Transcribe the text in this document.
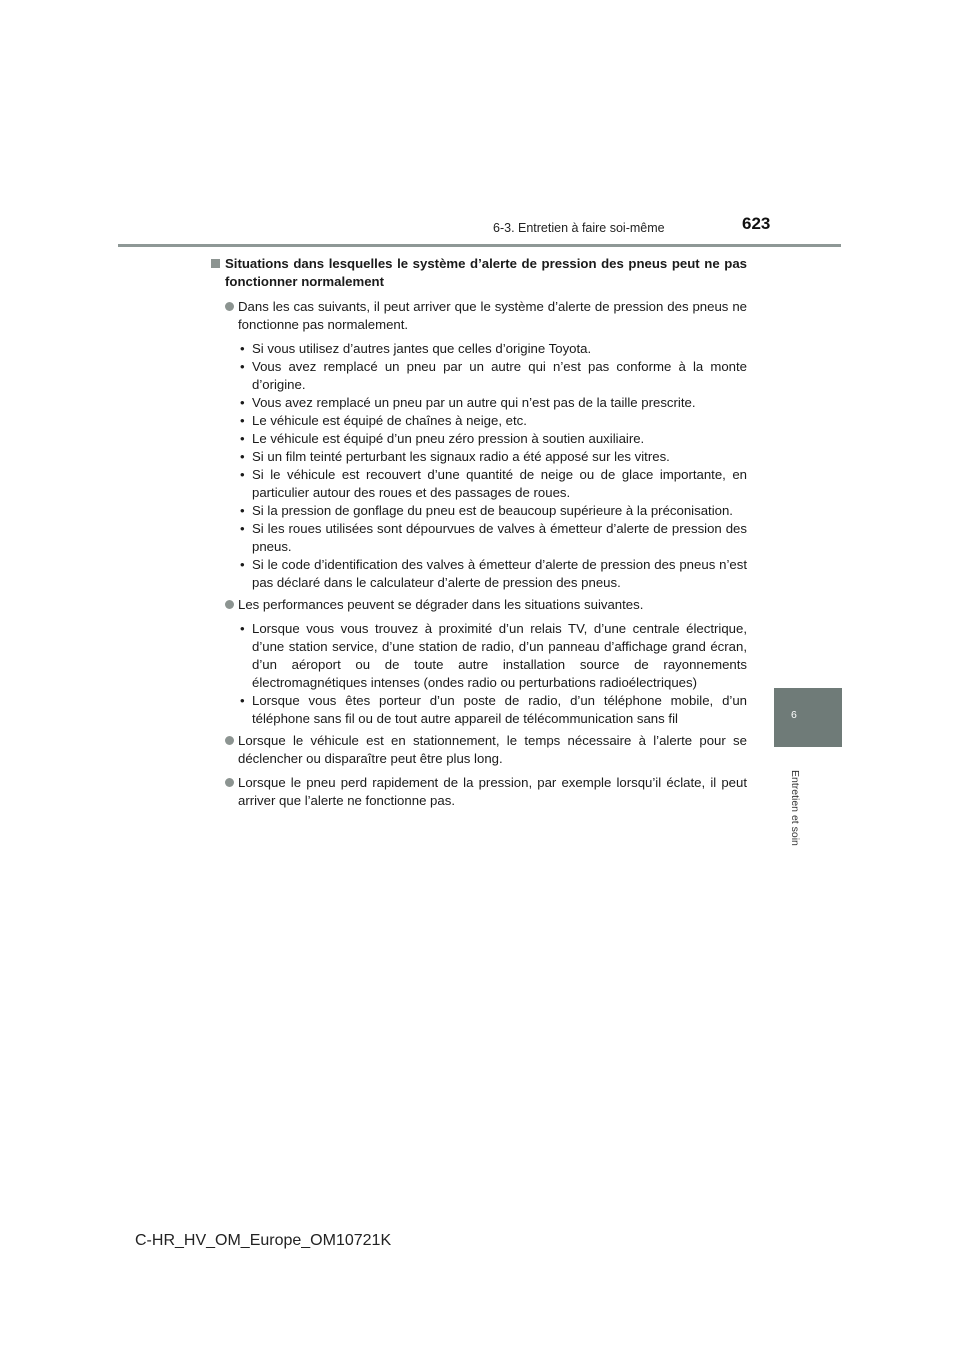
6-3. Entretien à faire soi-même	623
6
Entretien et soin

Situations dans lesquelles le système d’alerte de pression des pneus peut ne pas fonctionner normalement

Dans les cas suivants, il peut arriver que le système d’alerte de pression des pneus ne fonctionne pas normalement.

• Si vous utilisez d’autres jantes que celles d’origine Toyota.
• Vous avez remplacé un pneu par un autre qui n’est pas conforme à la monte d’origine.
• Vous avez remplacé un pneu par un autre qui n’est pas de la taille prescrite.
• Le véhicule est équipé de chaînes à neige, etc.
• Le véhicule est équipé d’un pneu zéro pression à soutien auxiliaire.
• Si un film teinté perturbant les signaux radio a été apposé sur les vitres.
• Si le véhicule est recouvert d’une quantité de neige ou de glace importante, en particulier autour des roues et des passages de roues.
• Si la pression de gonflage du pneu est de beaucoup supérieure à la préconisation.
• Si les roues utilisées sont dépourvues de valves à émetteur d’alerte de pression des pneus.
• Si le code d’identification des valves à émetteur d’alerte de pression des pneus n’est pas déclaré dans le calculateur d’alerte de pression des pneus.

Les performances peuvent se dégrader dans les situations suivantes.

• Lorsque vous vous trouvez à proximité d’un relais TV, d’une centrale électrique, d’une station service, d’une station de radio, d’un panneau d’affichage grand écran, d’un aéroport ou de toute autre installation source de rayonnements électromagnétiques intenses (ondes radio ou perturbations radioélectriques)
• Lorsque vous êtes porteur d’un poste de radio, d’un téléphone mobile, d’un téléphone sans fil ou de tout autre appareil de télécommunication sans fil

Lorsque le véhicule est en stationnement, le temps nécessaire à l’alerte pour se déclencher ou disparaître peut être plus long.

Lorsque le pneu perd rapidement de la pression, par exemple lorsqu’il éclate, il peut arriver que l’alerte ne fonctionne pas.

C-HR_HV_OM_Europe_OM10721K
